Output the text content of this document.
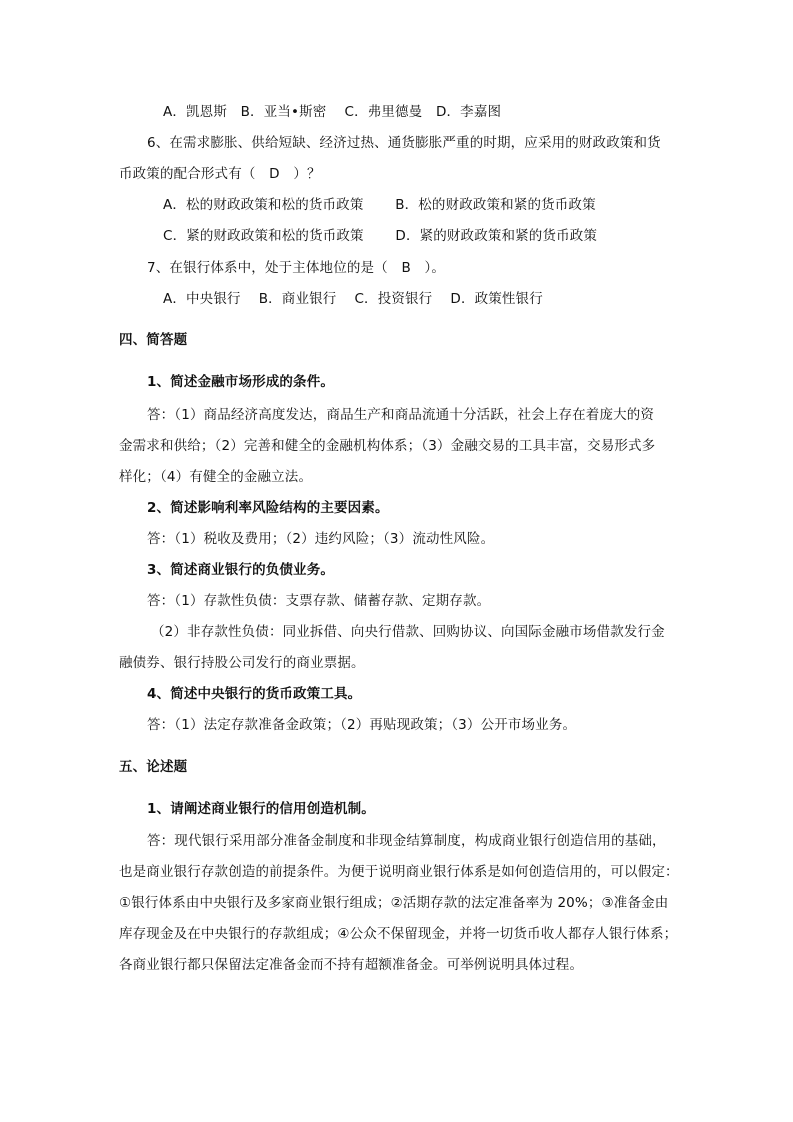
A．凯恩斯　B．亚当•斯密　 C．弗里德曼　D．李嘉图
6、在需求膨胀、供给短缺、经济过热、通货膨胀严重的时期，应采用的财政政策和货
币政策的配合形式有（　D　）？
A．松的财政政策和松的货币政策　　 B．松的财政政策和紧的货币政策
C．紧的财政政策和松的货币政策　　 D．紧的财政政策和紧的货币政策
7、在银行体系中，处于主体地位的是（　B　）。
A．中央银行　 B．商业银行　 C．投资银行　 D．政策性银行
四、简答题
1、简述金融市场形成的条件。
答：（1）商品经济高度发达，商品生产和商品流通十分活跃，社会上存在着庞大的资
金需求和供给；（2）完善和健全的金融机构体系；（3）金融交易的工具丰富，交易形式多
样化；（4）有健全的金融立法。
2、简述影响利率风险结构的主要因素。
答：（1）税收及费用；（2）违约风险；（3）流动性风险。
3、简述商业银行的负债业务。
答：（1）存款性负债：支票存款、储蓄存款、定期存款。
（2）非存款性负债：同业拆借、向央行借款、回购协议、向国际金融市场借款发行金
融债券、银行持股公司发行的商业票据。
4、简述中央银行的货币政策工具。
答：（1）法定存款准备金政策；（2）再贴现政策；（3）公开市场业务。
五、论述题
1、请阐述商业银行的信用创造机制。
答：现代银行采用部分准备金制度和非现金结算制度，构成商业银行创造信用的基础，
也是商业银行存款创造的前提条件。为便于说明商业银行体系是如何创造信用的，可以假定：
①银行体系由中央银行及多家商业银行组成；②活期存款的法定准备率为 20%；③准备金由
库存现金及在中央银行的存款组成；④公众不保留现金，并将一切货币收人都存人银行体系；
各商业银行都只保留法定准备金而不持有超额准备金。可举例说明具体过程。
